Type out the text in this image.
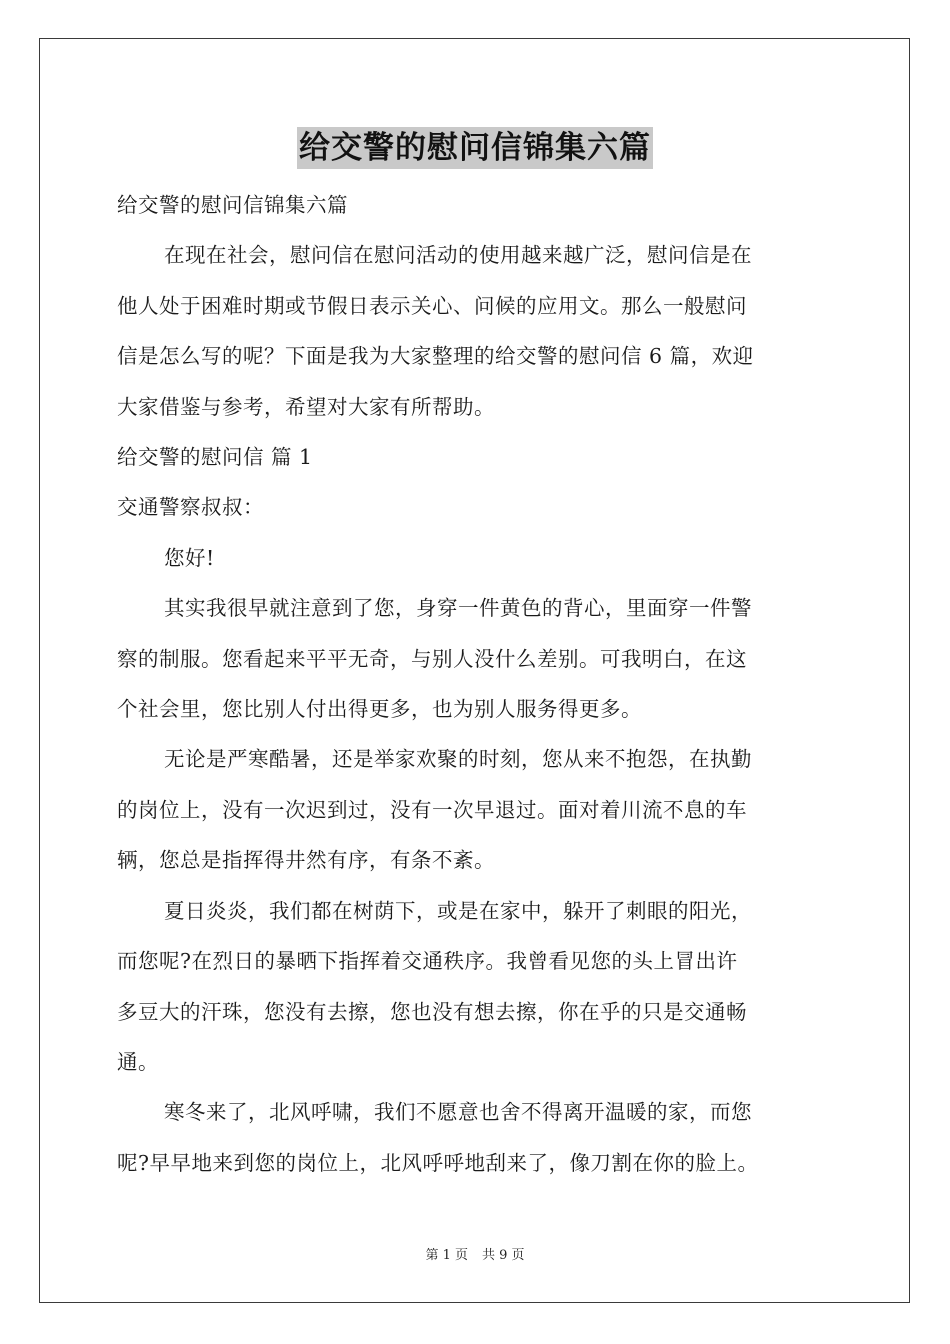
给交警的慰问信锦集六篇
给交警的慰问信锦集六篇
在现在社会，慰问信在慰问活动的使用越来越广泛，慰问信是在
他人处于困难时期或节假日表示关心、问候的应用文。那么一般慰问
信是怎么写的呢？下面是我为大家整理的给交警的慰问信 6 篇，欢迎
大家借鉴与参考，希望对大家有所帮助。
给交警的慰问信 篇 1
交通警察叔叔：
您好!
其实我很早就注意到了您，身穿一件黄色的背心，里面穿一件警
察的制服。您看起来平平无奇，与别人没什么差别。可我明白，在这
个社会里，您比别人付出得更多，也为别人服务得更多。
无论是严寒酷暑，还是举家欢聚的时刻，您从来不抱怨，在执勤
的岗位上，没有一次迟到过，没有一次早退过。面对着川流不息的车
辆，您总是指挥得井然有序，有条不紊。
夏日炎炎，我们都在树荫下，或是在家中，躲开了刺眼的阳光，
而您呢?在烈日的暴晒下指挥着交通秩序。我曾看见您的头上冒出许
多豆大的汗珠，您没有去擦，您也没有想去擦，你在乎的只是交通畅
通。
寒冬来了，北风呼啸，我们不愿意也舍不得离开温暖的家，而您
呢?早早地来到您的岗位上，北风呼呼地刮来了，像刀割在你的脸上。
第 1 页 共 9 页
